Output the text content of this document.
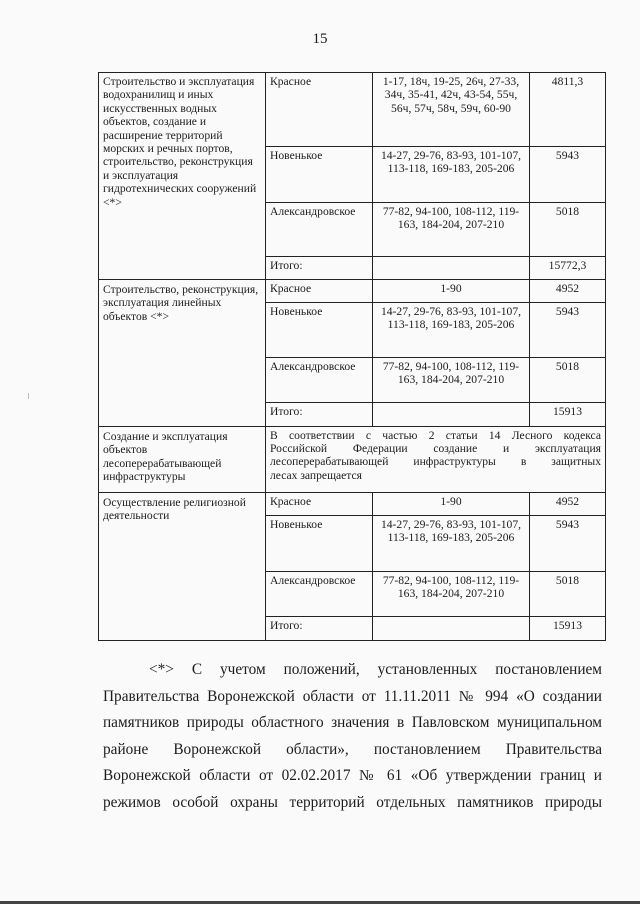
15
Строительство и эксплуатация водохранилищ и иных искусственных водных объектов, создание и расширение территорий морских и речных портов, строительство, реконструкция и эксплуатация гидротехнических сооружений <*>	Красное	1-17, 18ч, 19-25, 26ч, 27-33, 34ч, 35-41, 42ч, 43-54, 55ч, 56ч, 57ч, 58ч, 59ч, 60-90	4811,3
	Новенькое	14-27, 29-76, 83-93, 101-107, 113-118, 169-183, 205-206	5943
	Александровское	77-82, 94-100, 108-112, 119-163, 184-204, 207-210	5018
	Итого:		15772,3
Строительство, реконструкция, эксплуатация линейных объектов <*>	Красное	1-90	4952
	Новенькое	14-27, 29-76, 83-93, 101-107, 113-118, 169-183, 205-206	5943
	Александровское	77-82, 94-100, 108-112, 119-163, 184-204, 207-210	5018
	Итого:		15913
Создание и эксплуатация объектов лесоперерабатывающей инфраструктуры	В соответствии с частью 2 статьи 14 Лесного кодекса
Российской Федерации создание и эксплуатация
лесоперерабатывающей инфраструктуры в защитных
лесах запрещается		

Осуществление религиозной деятельности	Красное	1-90	4952
	Новенькое	14-27, 29-76, 83-93, 101-107, 113-118, 169-183, 205-206	5943
	Александровское	77-82, 94-100, 108-112, 119-163, 184-204, 207-210	5018
	Итого:		15913
<*> С учетом положений, установленных постановлением
Правительства Воронежской области от 11.11.2011 № 994 «О создании
памятников природы областного значения в Павловском муниципальном
районе Воронежской области», постановлением Правительства
Воронежской области от 02.02.2017 № 61 «Об утверждении границ и
режимов особой охраны территорий отдельных памятников природы
